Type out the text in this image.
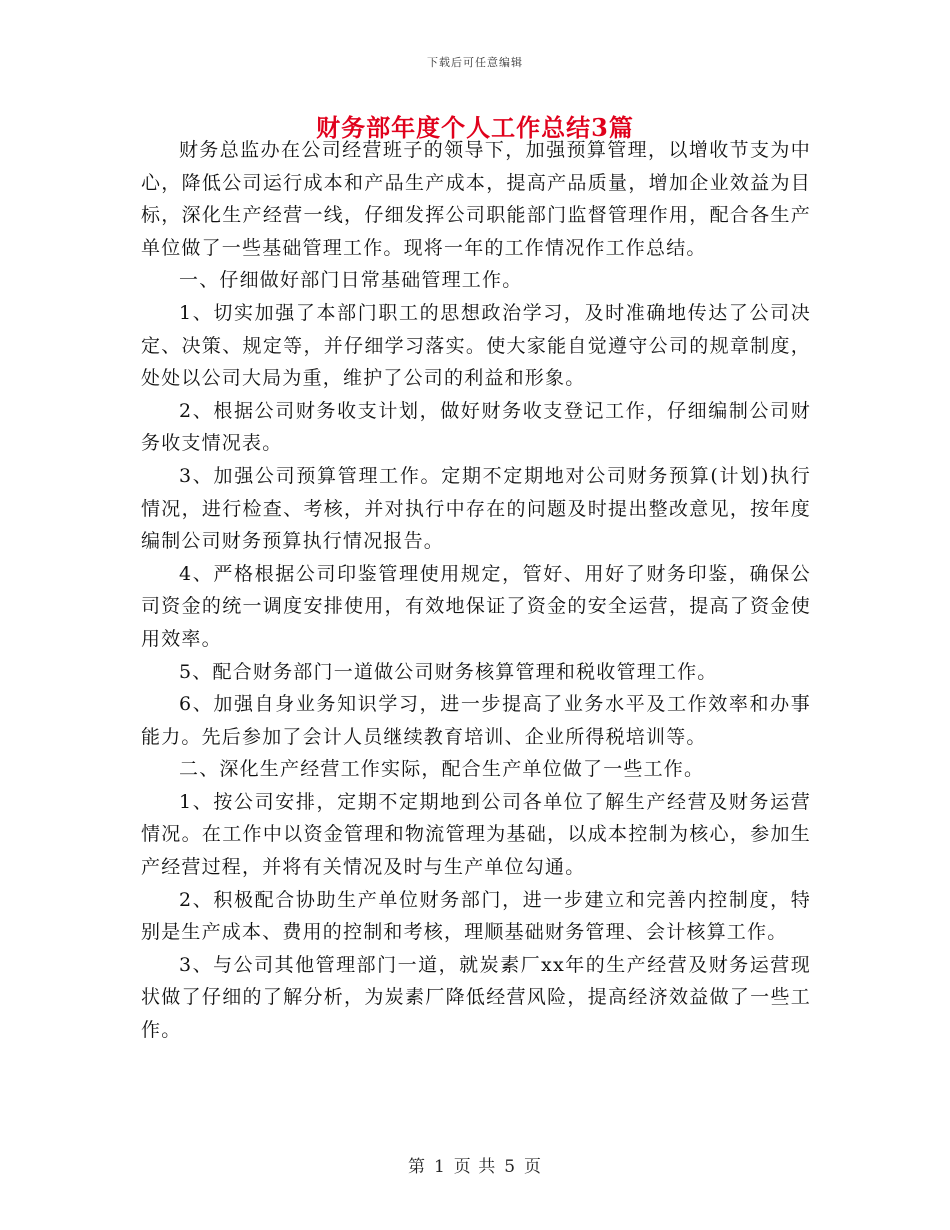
下载后可任意编辑
财务部年度个人工作总结3篇

财务总监办在公司经营班子的领导下，加强预算管理，以增收节支为中心，降低公司运行成本和产品生产成本，提高产品质量，增加企业效益为目标，深化生产经营一线，仔细发挥公司职能部门监督管理作用，配合各生产单位做了一些基础管理工作。现将一年的工作情况作工作总结。

一、仔细做好部门日常基础管理工作。

1、切实加强了本部门职工的思想政治学习，及时准确地传达了公司决定、决策、规定等，并仔细学习落实。使大家能自觉遵守公司的规章制度，处处以公司大局为重，维护了公司的利益和形象。

2、根据公司财务收支计划，做好财务收支登记工作，仔细编制公司财务收支情况表。

3、加强公司预算管理工作。定期不定期地对公司财务预算(计划)执行情况，进行检查、考核，并对执行中存在的问题及时提出整改意见，按年度编制公司财务预算执行情况报告。

4、严格根据公司印鉴管理使用规定，管好、用好了财务印鉴，确保公司资金的统一调度安排使用，有效地保证了资金的安全运营，提高了资金使用效率。

5、配合财务部门一道做公司财务核算管理和税收管理工作。

6、加强自身业务知识学习，进一步提高了业务水平及工作效率和办事能力。先后参加了会计人员继续教育培训、企业所得税培训等。

二、深化生产经营工作实际，配合生产单位做了一些工作。

1、按公司安排，定期不定期地到公司各单位了解生产经营及财务运营情况。在工作中以资金管理和物流管理为基础，以成本控制为核心，参加生产经营过程，并将有关情况及时与生产单位勾通。

2、积极配合协助生产单位财务部门，进一步建立和完善内控制度，特别是生产成本、费用的控制和考核，理顺基础财务管理、会计核算工作。

3、与公司其他管理部门一道，就炭素厂xx年的生产经营及财务运营现状做了仔细的了解分析，为炭素厂降低经营风险，提高经济效益做了一些工作。

第 1 页 共 5 页
